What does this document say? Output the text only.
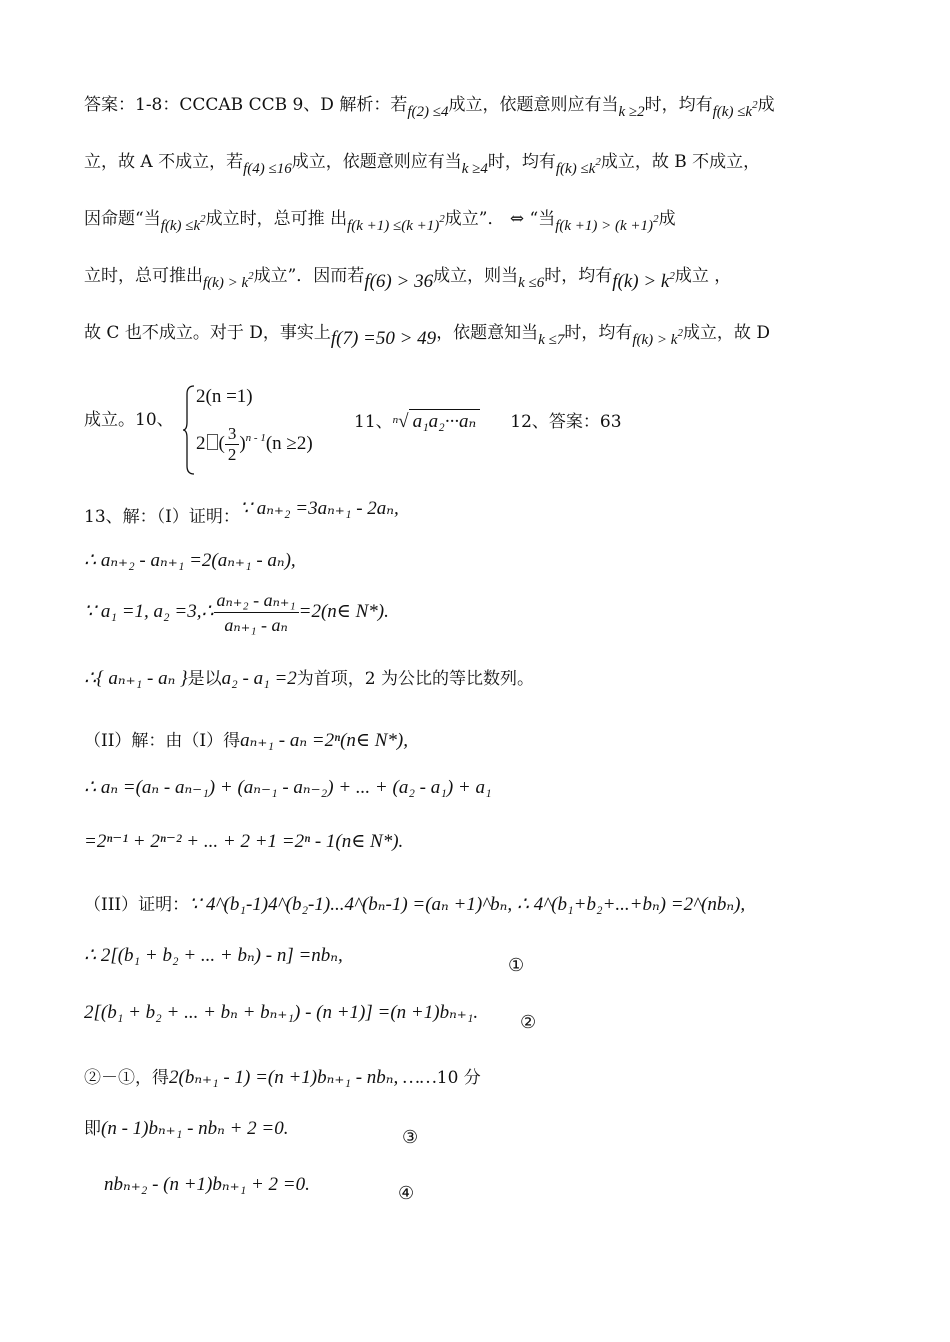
答案：1-8：CCCAB CCB 9、D 解析：若f(2) ≤4成立，依题意则应有当k ≥2时，均有$f(k) \le k^2$成
立，故 A 不成立，若f(4) ≤16成立，依题意则应有当k ≥4时，均有$f(k) \le k^2$成立，故 B 不成立，
因命题“当$f(k) \le k^2$成立时，总可推 出$f(k +1) \le(k +1)^2$成立”． ⇔ “当$f(k +1) > (k +1)^2$成
立时，总可推出$f(k) > k^2$成立”．因而若f(6) > 36成立，则当k ≤6时，均有$f(k) > k^2$成立 ，
故 C 也不成立。对于 D，事实上f(7) =50 > 49，依题意知当k ≤7时，均有$f(k) > k^2$成立，故 D
成立。10、
2(n =1)
2 ( $\frac{3}{2} )^{n - 1}(n \ge 2)$
11、$^n$√ a₁a₂···aₙ 12、答案：63
13、解：（I）证明：∵ aₙ₊₂ =3aₙ₊₁ - 2aₙ,
∴ aₙ₊₂ - aₙ₊₁ =2(aₙ₊₁ - aₙ),
∵ a₁ =1, a₂ =3,∴ $\frac{\text{aₙ₊₂ - aₙ₊₁}}{\text{aₙ₊₁ - aₙ}}$ =2(n∈ N*).
∴{ aₙ₊₁ - aₙ }是以a₂ - a₁ =2为首项，2 为公比的等比数列。
（II）解：由（I）得aₙ₊₁ - aₙ =2ⁿ(n∈ N*),
∴ aₙ =(aₙ - aₙ₋₁) + (aₙ₋₁ - aₙ₋₂) + ... + (a₂ - a₁) + a₁
=2ⁿ⁻¹ + 2ⁿ⁻² + ... + 2 +1 =2ⁿ - 1(n∈ N*).
（III）证明：∵ 4^(b₁-1)4^(b₂-1)...4^(bₙ-1) =(aₙ +1)^bₙ, ∴ 4^(b₁+b₂+...+bₙ) =2^(nbₙ),
∴ 2[(b₁ + b₂ + ... + bₙ) - n] =nbₙ,	①
2[(b₁ + b₂ + ... + bₙ + bₙ₊₁) - (n +1)] =(n +1)bₙ₊₁.	②
②－①，得2(bₙ₊₁ - 1) =(n +1)bₙ₊₁ - nbₙ, ……10 分
即(n - 1)bₙ₊₁ - nbₙ + 2 =0.	③
nbₙ₊₂ - (n +1)bₙ₊₁ + 2 =0.	④
